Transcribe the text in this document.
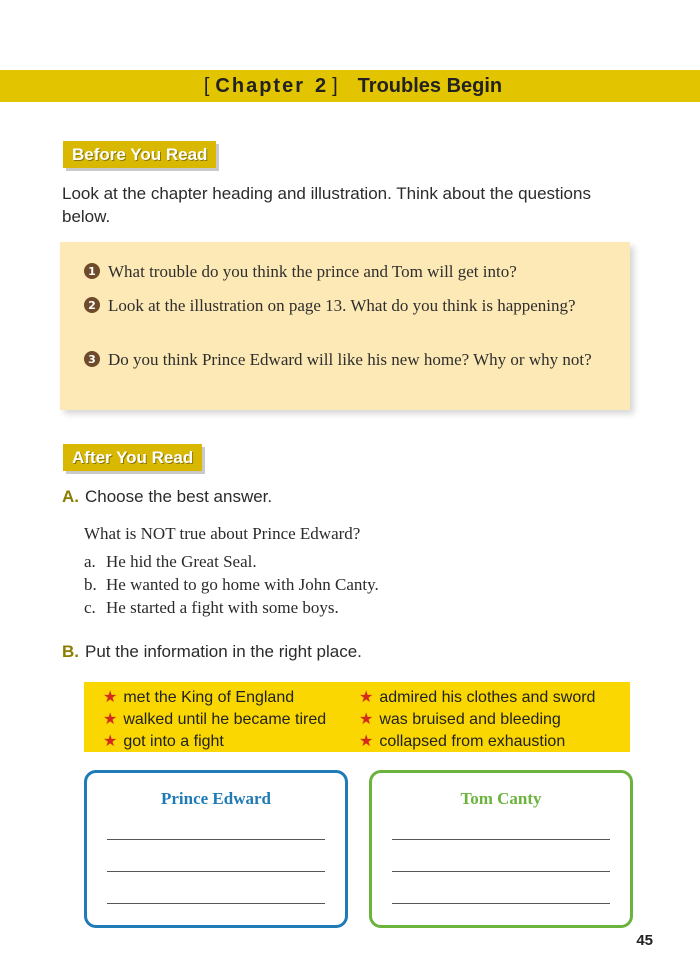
[ Chapter 2 ] Troubles Begin
Before You Read
Look at the chapter heading and illustration. Think about the questions below.
1 What trouble do you think the prince and Tom will get into?
2 Look at the illustration on page 13. What do you think is happening?
3 Do you think Prince Edward will like his new home? Why or why not?
After You Read
A. Choose the best answer.
What is NOT true about Prince Edward?
a. He hid the Great Seal.
b. He wanted to go home with John Canty.
c. He started a fight with some boys.
B. Put the information in the right place.
★ met the King of England
★ walked until he became tired
★ got into a fight
★ admired his clothes and sword
★ was bruised and bleeding
★ collapsed from exhaustion
Prince Edward	Tom Canty
45
